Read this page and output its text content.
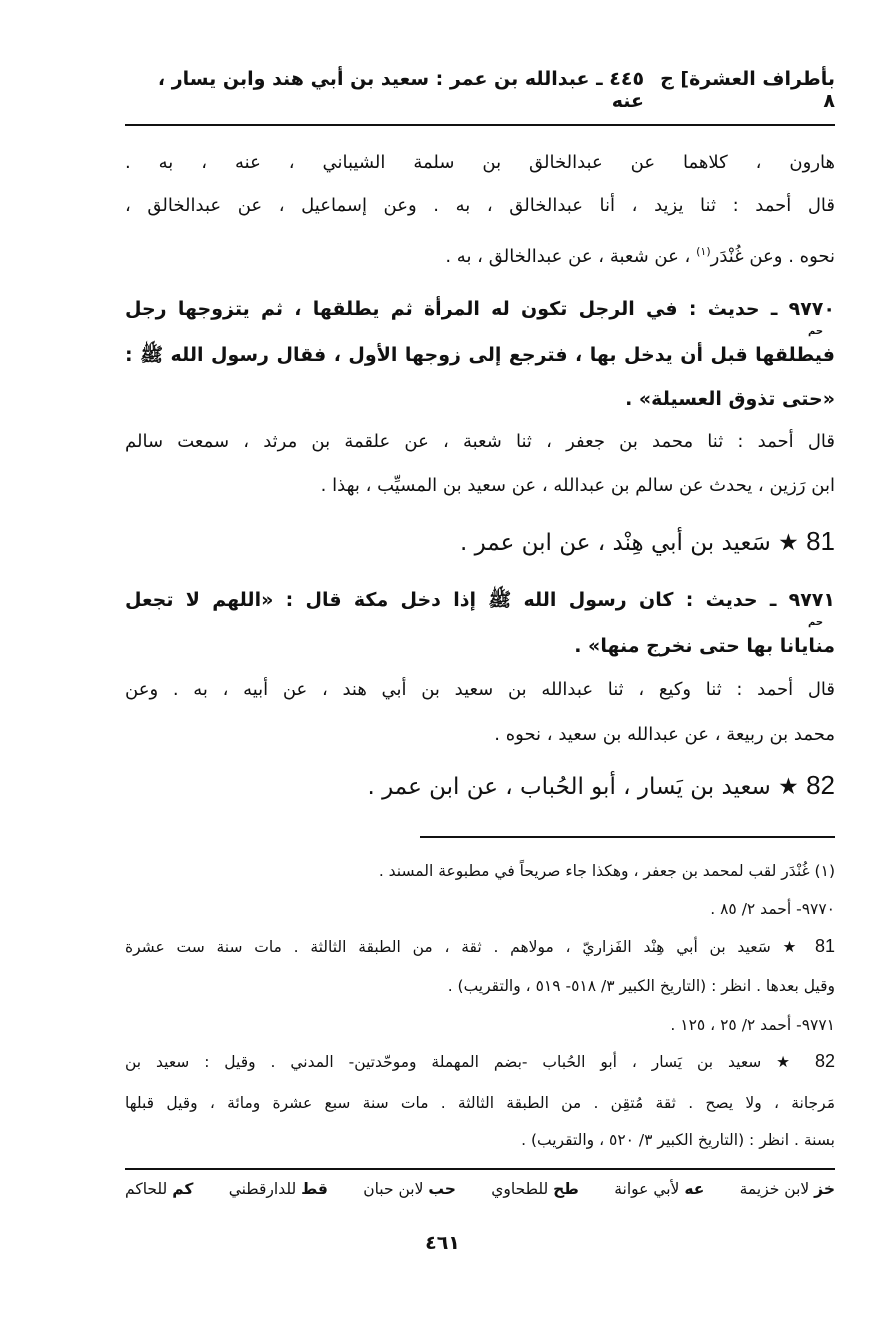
بأطراف العشرة] ج ٨
٤٤٥ ـ عبدالله بن عمر : سعيد بن أبي هند وابن يسار ، عنه
هارون ، كلاهما عن عبدالخالق بن سلمة الشيباني ، عنه ، به .
قال أحمد : ثنا يزيد ، أنا عبدالخالق ، به . وعن إسماعيل ، عن عبدالخالق ،
نحوه . وعن غُنْدَر$^{(١)}$ ، عن شعبة ، عن عبدالخالق ، به .
٩٧٧٠ ـ حديث : في الرجل تكون له المرأة ثم يطلقها ، ثم يتزوجها رجل
حم
فيطلقها قبل أن يدخل بها ، فترجع إلى زوجها الأول ، فقال رسول الله ﷺ :
«حتى تذوق العسيلة» .
قال أحمد : ثنا محمد بن جعفر ، ثنا شعبة ، عن علقمة بن مرثد ، سمعت سالم
ابن رَزين ، يحدث عن سالم بن عبدالله ، عن سعيد بن المسيِّب ، بهذا .
81 ★ سَعيد بن أبي هِنْد ، عن ابن عمر .
٩٧٧١ ـ حديث : كان رسول الله ﷺ إذا دخل مكة قال : «اللهم لا تجعل
حم
منايانا بها حتى نخرج منها» .
قال أحمد : ثنا وكيع ، ثنا عبدالله بن سعيد بن أبي هند ، عن أبيه ، به . وعن
محمد بن ربيعة ، عن عبدالله بن سعيد ، نحوه .
82 ★ سعيد بن يَسار ، أبو الحُباب ، عن ابن عمر .
(١) غُنْدَر لقب لمحمد بن جعفر ، وهكذا جاء صريحاً في مطبوعة المسند .
٩٧٧٠- أحمد ٢/ ٨٥ .
81 ★ سَعيد بن أبي هِنْد الفَزاريّ ، مولاهم . ثقة ، من الطبقة الثالثة . مات سنة ست عشرة
وقيل بعدها . انظر : (التاريخ الكبير ٣/ ٥١٨- ٥١٩ ، والتقريب) .
٩٧٧١- أحمد ٢/ ٢٥ ، ١٢٥ .
82 ★ سعيد بن يَسار ، أبو الحُباب -بضم المهملة وموحّدتين- المدني . وقيل : سعيد بن
مَرجانة ، ولا يصح . ثقة مُتقِن . من الطبقة الثالثة . مات سنة سبع عشرة ومائة ، وقيل قبلها
بسنة . انظر : (التاريخ الكبير ٣/ ٥٢٠ ، والتقريب) .
خز لابن خزيمة
عه لأبي عوانة
طح للطحاوي
حب لابن حبان
قط للدارقطني
كم للحاكم
٤٦١
